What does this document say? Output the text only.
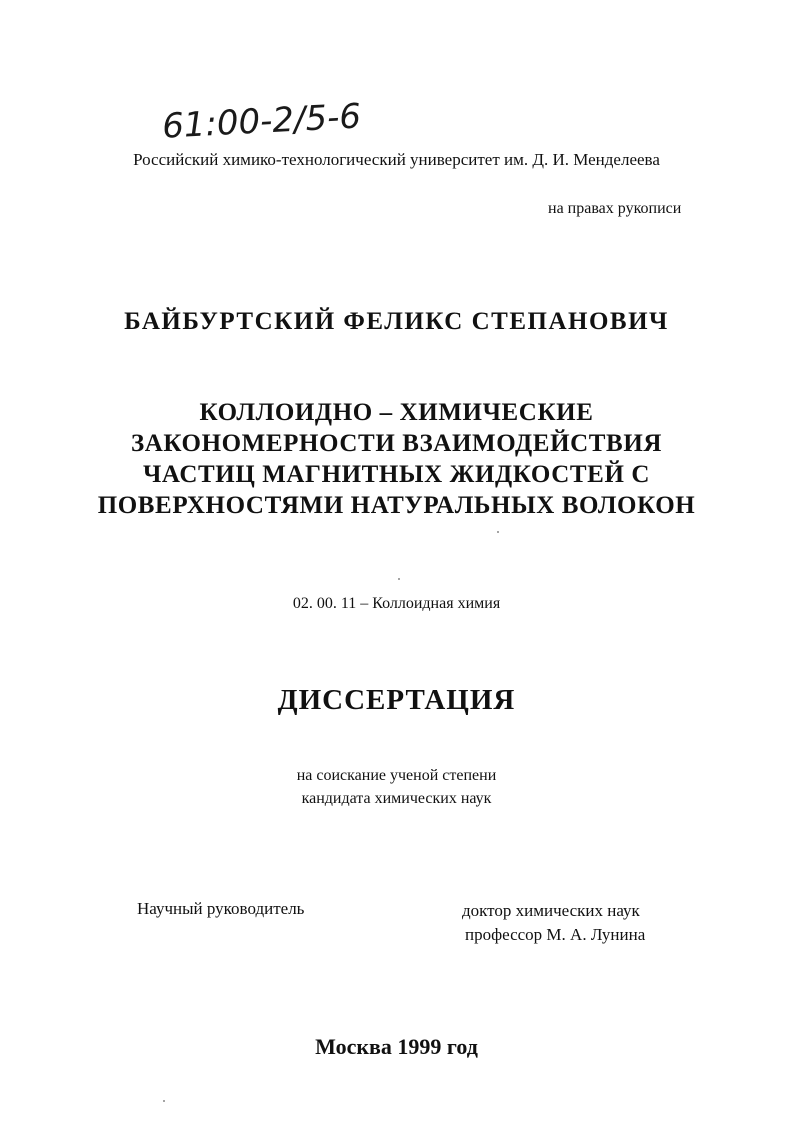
61:00-2/5-6
Российский химико-технологический университет им. Д. И. Менделеева
на правах рукописи
БАЙБУРТСКИЙ ФЕЛИКС СТЕПАНОВИЧ
КОЛЛОИДНО – ХИМИЧЕСКИЕ
ЗАКОНОМЕРНОСТИ ВЗАИМОДЕЙСТВИЯ
ЧАСТИЦ МАГНИТНЫХ ЖИДКОСТЕЙ С
ПОВЕРХНОСТЯМИ НАТУРАЛЬНЫХ ВОЛОКОН
02. 00. 11 – Коллоидная химия
ДИССЕРТАЦИЯ
на соискание ученой степени
кандидата химических наук
Научный руководитель	доктор химических наук
профессор М. А. Лунина
Москва 1999 год
